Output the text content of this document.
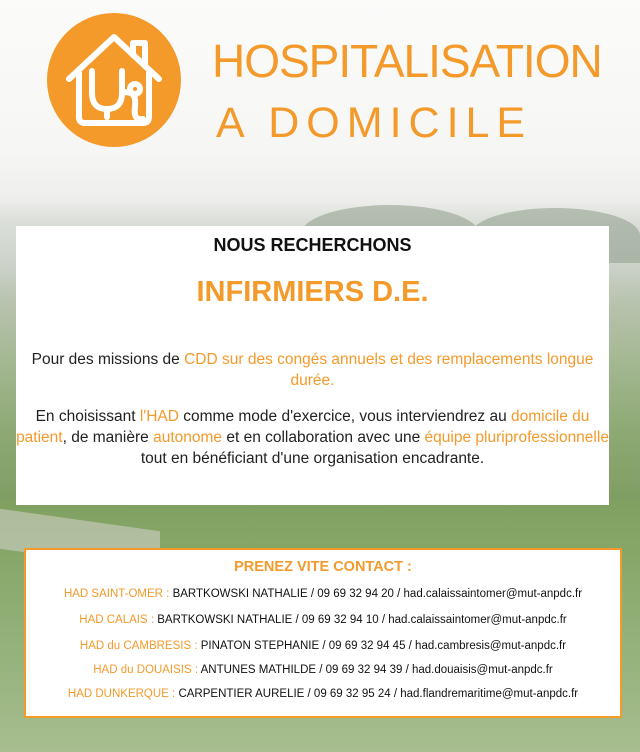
HOSPITALISATION
A DOMICILE
NOUS RECHERCHONS
INFIRMIERS D.E.
Pour des missions de CDD sur des congés annuels et des remplacements longue durée.
En choisissant l'HAD comme mode d'exercice, vous interviendrez au domicile du patient, de manière autonome et en collaboration avec une équipe pluriprofessionnelle tout en bénéficiant d'une organisation encadrante.
PRENEZ VITE CONTACT :
HAD SAINT-OMER : BARTKOWSKI NATHALIE / 09 69 32 94 20 / had.calaissaintomer@mut-anpdc.fr
HAD CALAIS : BARTKOWSKI NATHALIE / 09 69 32 94 10 / had.calaissaintomer@mut-anpdc.fr
HAD du CAMBRESIS : PINATON STEPHANIE / 09 69 32 94 45 / had.cambresis@mut-anpdc.fr
HAD du DOUAISIS : ANTUNES MATHILDE / 09 69 32 94 39 / had.douaisis@mut-anpdc.fr
HAD DUNKERQUE : CARPENTIER AURELIE / 09 69 32 95 24 / had.flandremaritime@mut-anpdc.fr
